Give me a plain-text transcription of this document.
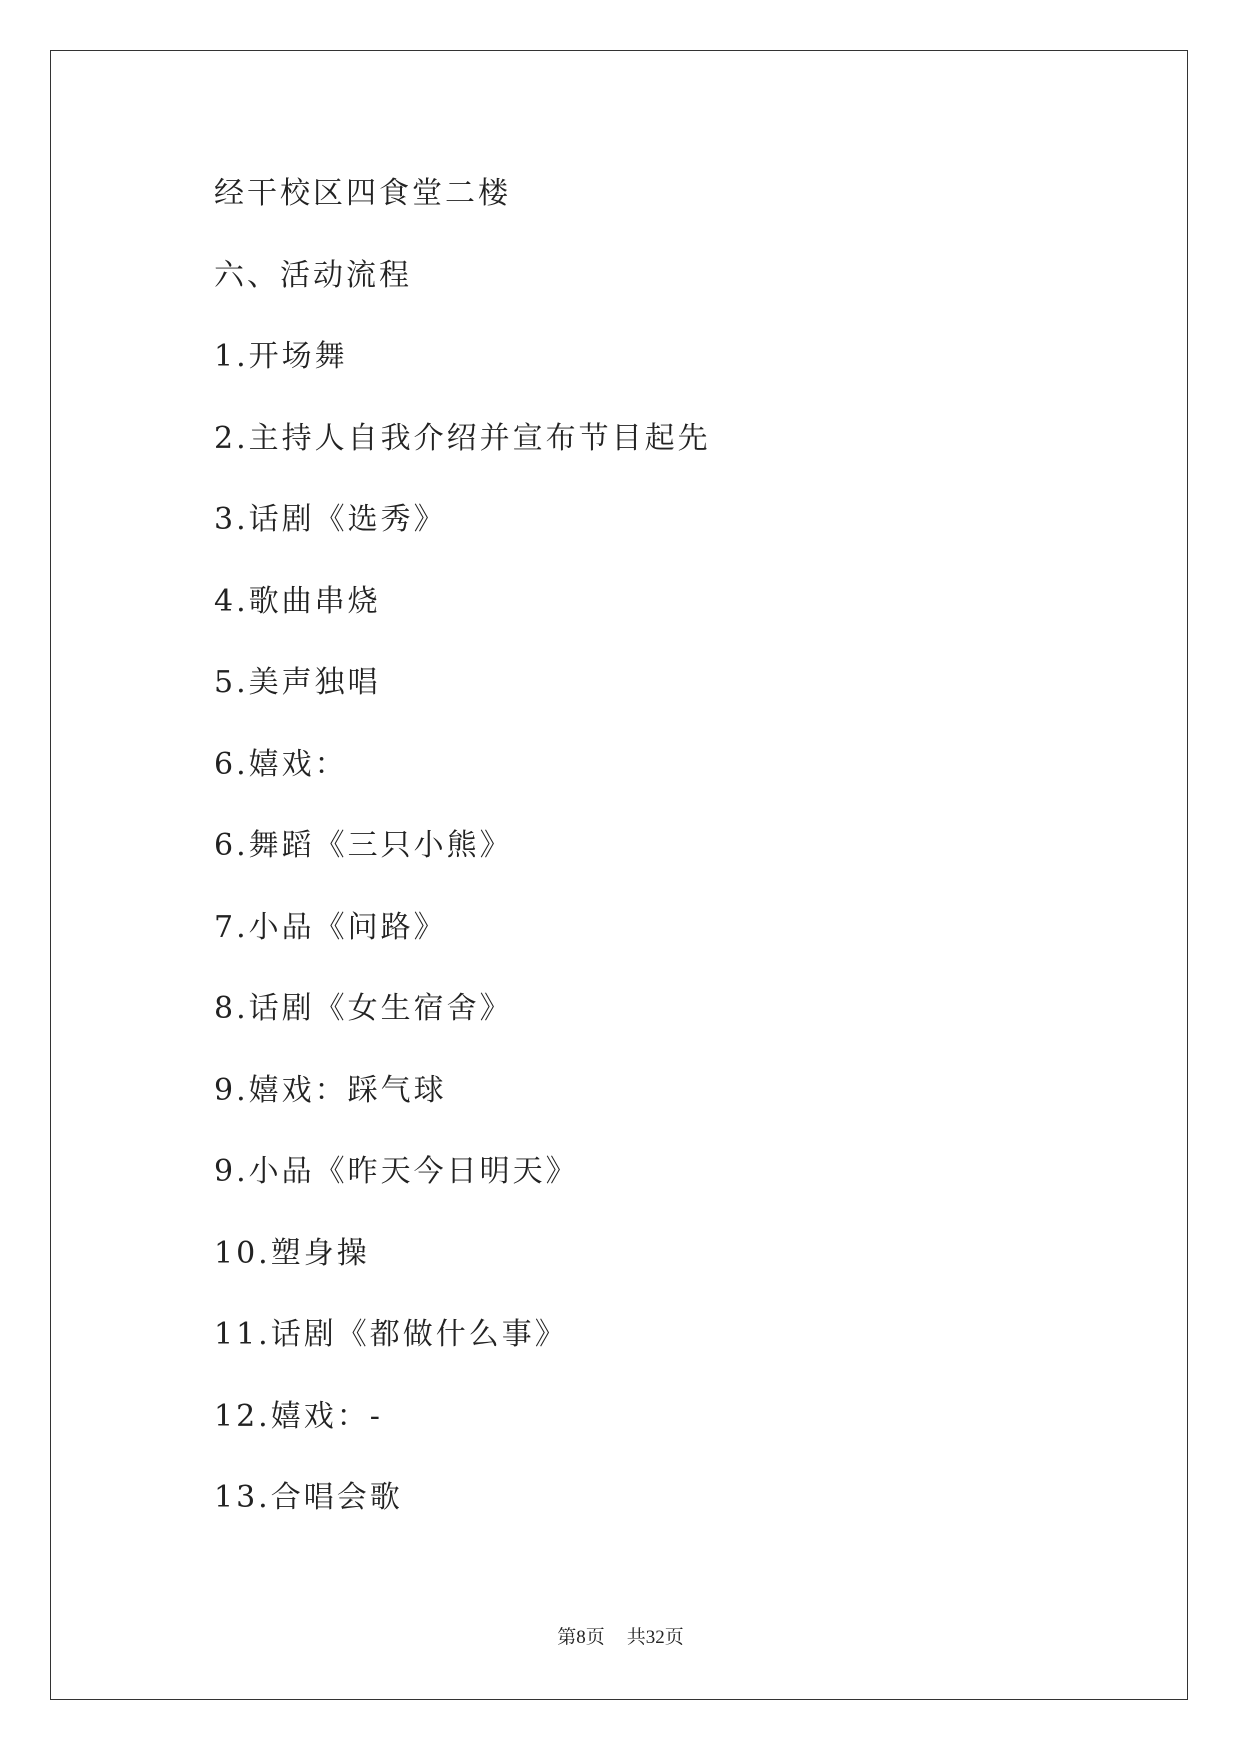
经干校区四食堂二楼
六、活动流程
1.开场舞
2.主持人自我介绍并宣布节目起先
3.话剧《选秀》
4.歌曲串烧
5.美声独唱
6.嬉戏：
6.舞蹈《三只小熊》
7.小品《问路》
8.话剧《女生宿舍》
9.嬉戏：踩气球
9.小品《昨天今日明天》
10.塑身操
11.话剧《都做什么事》
12.嬉戏：-
13.合唱会歌
第8页 共32页
